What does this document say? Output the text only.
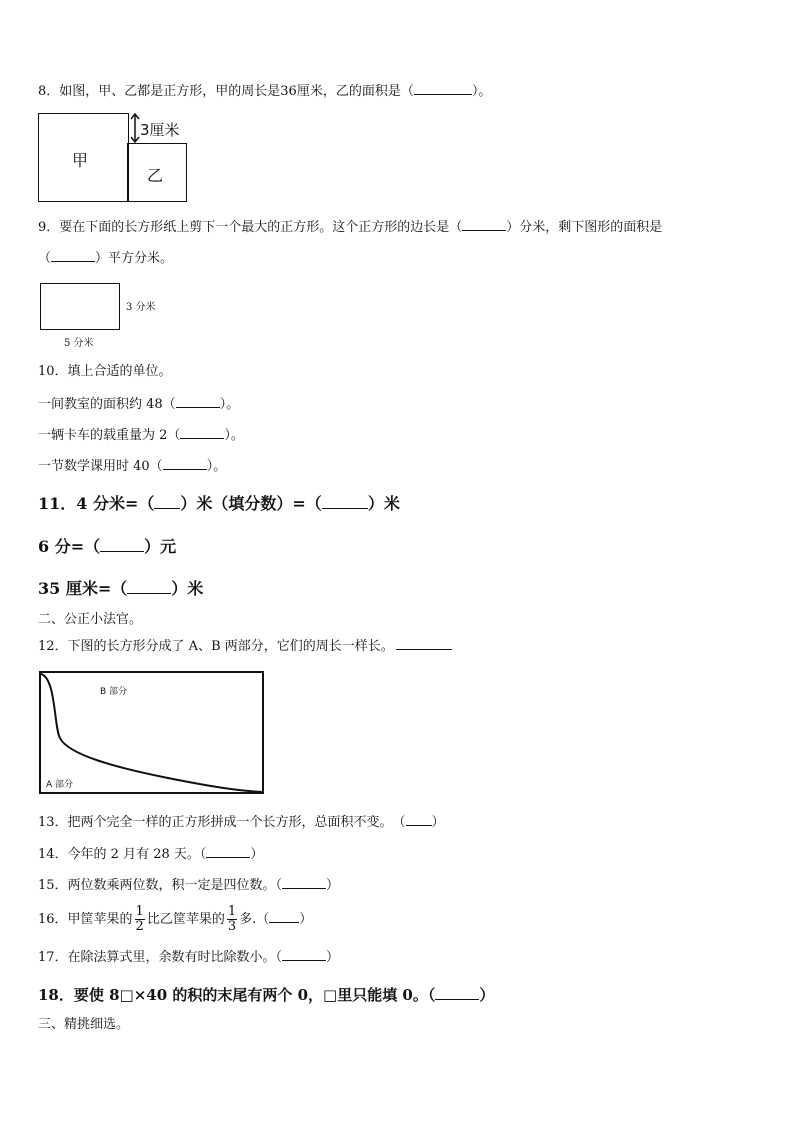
8．如图，甲、乙都是正方形，甲的周长是36厘米，乙的面积是（	）。
甲
乙
3厘米
9．要在下面的长方形纸上剪下一个最大的正方形。这个正方形的边长是（	）分米，剩下图形的面积是
（	）平方分米。
3 分米
5 分米
10．填上合适的单位。
一间教室的面积约 48（	）。
一辆卡车的载重量为 2（	）。
一节数学课用时 40（	）。
11．4 分米=（ ）米（填分数）=（	）米
6 分=（	）元
35 厘米=（	）米
二、公正小法官。
12．下图的长方形分成了 A、B 两部分，它们的周长一样长。
B 部分
A 部分
13．把两个完全一样的正方形拼成一个长方形，总面积不变。　（ ）
14．今年的 2 月有 28 天。（	）
15．两位数乘两位数，积一定是四位数。（	）
16．甲筐苹果的 $\frac{1}{2}$ 比乙筐苹果的 $\frac{1}{3}$ 多.（ ）
17．在除法算式里，余数有时比除数小。（	）
18．要使 8□×40 的积的末尾有两个 0，□里只能填 0。（	）
三、精挑细选。
